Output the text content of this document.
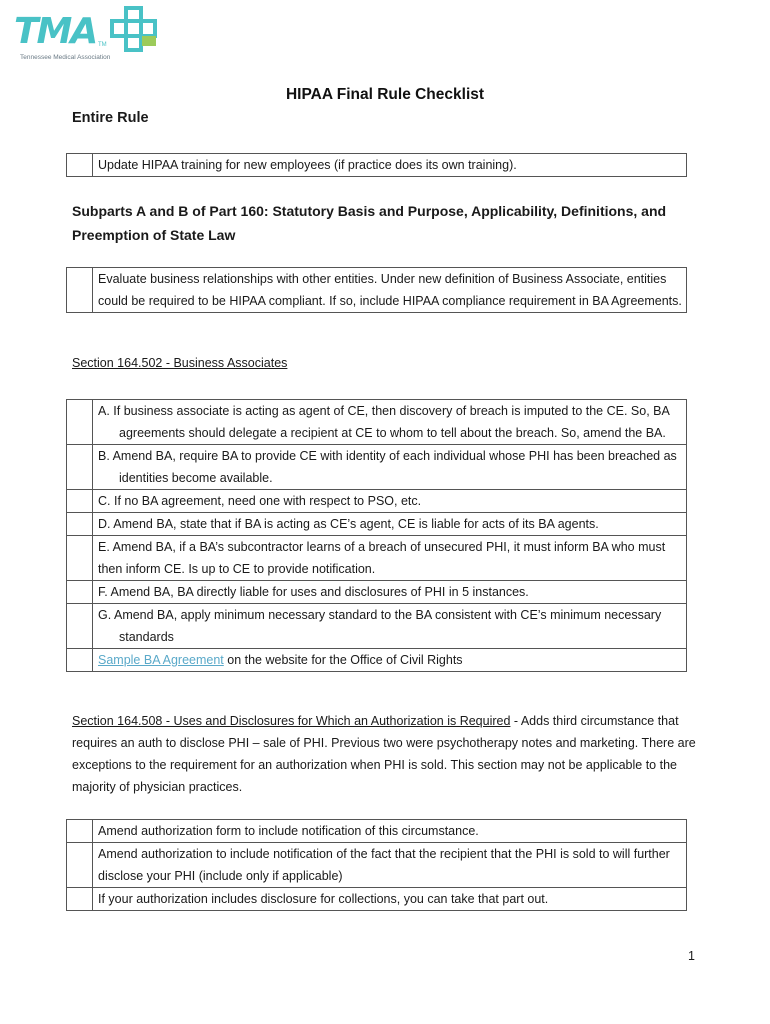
TMA TM
Tennessee Medical Association
HIPAA Final Rule Checklist
Entire Rule
	Update HIPAA training for new employees (if practice does its own training).
Subparts A and B of Part 160: Statutory Basis and Purpose, Applicability, Definitions, and Preemption of State Law
	Evaluate business relationships with other entities. Under new definition of Business Associate, entities could be required to be HIPAA compliant. If so, include HIPAA compliance requirement in BA Agreements.
Section 164.502 - Business Associates

	A. If business associate is acting as agent of CE, then discovery of breach is imputed to the CE. So, BA agreements should delegate a recipient at CE to whom to tell about the breach. So, amend the BA.

	B. Amend BA, require BA to provide CE with identity of each individual whose PHI has been breached as identities become available.

	C. If no BA agreement, need one with respect to PSO, etc.
	D. Amend BA, state that if BA is acting as CE’s agent, CE is liable for acts of its BA agents.
	E. Amend BA, if a BA’s subcontractor learns of a breach of unsecured PHI, it must inform BA who must then inform CE. Is up to CE to provide notification.
	F. Amend BA, BA directly liable for uses and disclosures of PHI in 5 instances.

	G. Amend BA, apply minimum necessary standard to the BA consistent with CE’s minimum necessary standards

	Sample BA Agreement on the website for the Office of Civil Rights
Section 164.508 - Uses and Disclosures for Which an Authorization is Required - Adds third circumstance that requires an auth to disclose PHI – sale of PHI. Previous two were psychotherapy notes and marketing. There are exceptions to the requirement for an authorization when PHI is sold. This section may not be applicable to the majority of physician practices.
	Amend authorization form to include notification of this circumstance.
	Amend authorization to include notification of the fact that the recipient that the PHI is sold to will further disclose your PHI (include only if applicable)
	If your authorization includes disclosure for collections, you can take that part out.
1
